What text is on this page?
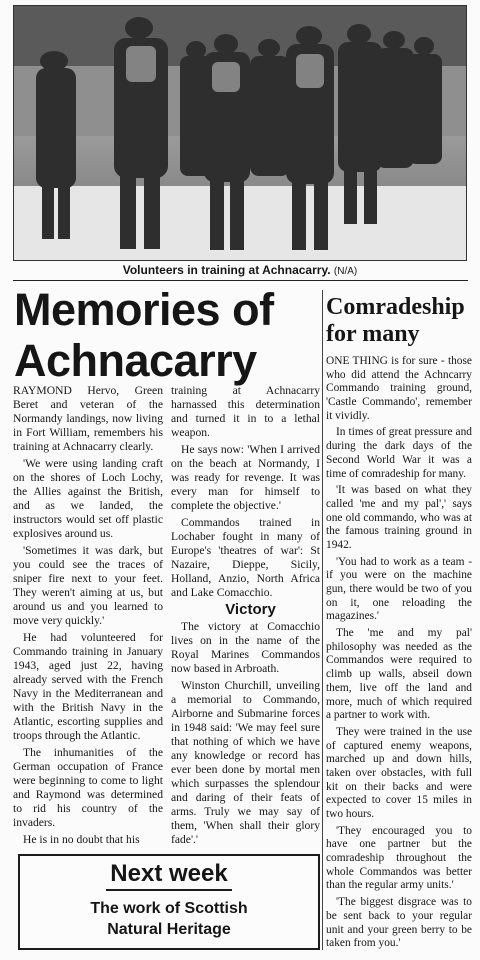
Volunteers in training at Achnacarry. (N/A)
Memories of
Achnacarry
Comradeship
for many

RAYMOND Hervo, Green Beret and veteran of the Normandy landings, now living in Fort William, remembers his training at Achnacarry clearly.

'We were using landing craft on the shores of Loch Lochy, the Allies against the British, and as we landed, the instructors would set off plastic explosives around us.

'Sometimes it was dark, but you could see the traces of sniper fire next to your feet. They weren't aiming at us, but around us and you learned to move very quickly.'

He had volunteered for Commando training in January 1943, aged just 22, having already served with the French Navy in the Mediterranean and with the British Navy in the Atlantic, escorting supplies and troops through the Atlantic.

The inhumanities of the German occupation of France were beginning to come to light and Raymond was determined to rid his country of the invaders.

He is in no doubt that his

training at Achnacarry harnassed this determination and turned it in to a lethal weapon.

He says now: 'When I arrived on the beach at Normandy, I was ready for revenge. It was every man for himself to complete the objective.'

Commandos trained in Lochaber fought in many of Europe's 'theatres of war': St Nazaire, Dieppe, Sicily, Holland, Anzio, North Africa and Lake Comacchio.

Victory

The victory at Comacchio lives on in the name of the Royal Marines Commandos now based in Arbroath.

Winston Churchill, unveiling a memorial to Commando, Airborne and Submarine forces in 1948 said: 'We may feel sure that nothing of which we have any knowledge or record has ever been done by mortal men which surpasses the splendour and daring of their feats of arms. Truly we may say of them, 'When shall their glory fade'.'

ONE THING is for sure - those who did attend the Achncarry Commando training ground, 'Castle Commando', remember it vividly.

In times of great pressure and during the dark days of the Second World War it was a time of comradeship for many.

'It was based on what they called 'me and my pal',' says one old commando, who was at the famous training ground in 1942.

'You had to work as a team - if you were on the machine gun, there would be two of you on it, one reloading the magazines.'

The 'me and my pal' philosophy was needed as the Commandos were required to climb up walls, abseil down them, live off the land and more, much of which required a partner to work with.

They were trained in the use of captured enemy weapons, marched up and down hills, taken over obstacles, with full kit on their backs and were expected to cover 15 miles in two hours.

'They encouraged you to have one partner but the comradeship throughout the whole Commandos was better than the regular army units.'

'The biggest disgrace was to be sent back to your regular unit and your green berry to be taken from you.'

Next week
The work of Scottish
Natural Heritage
